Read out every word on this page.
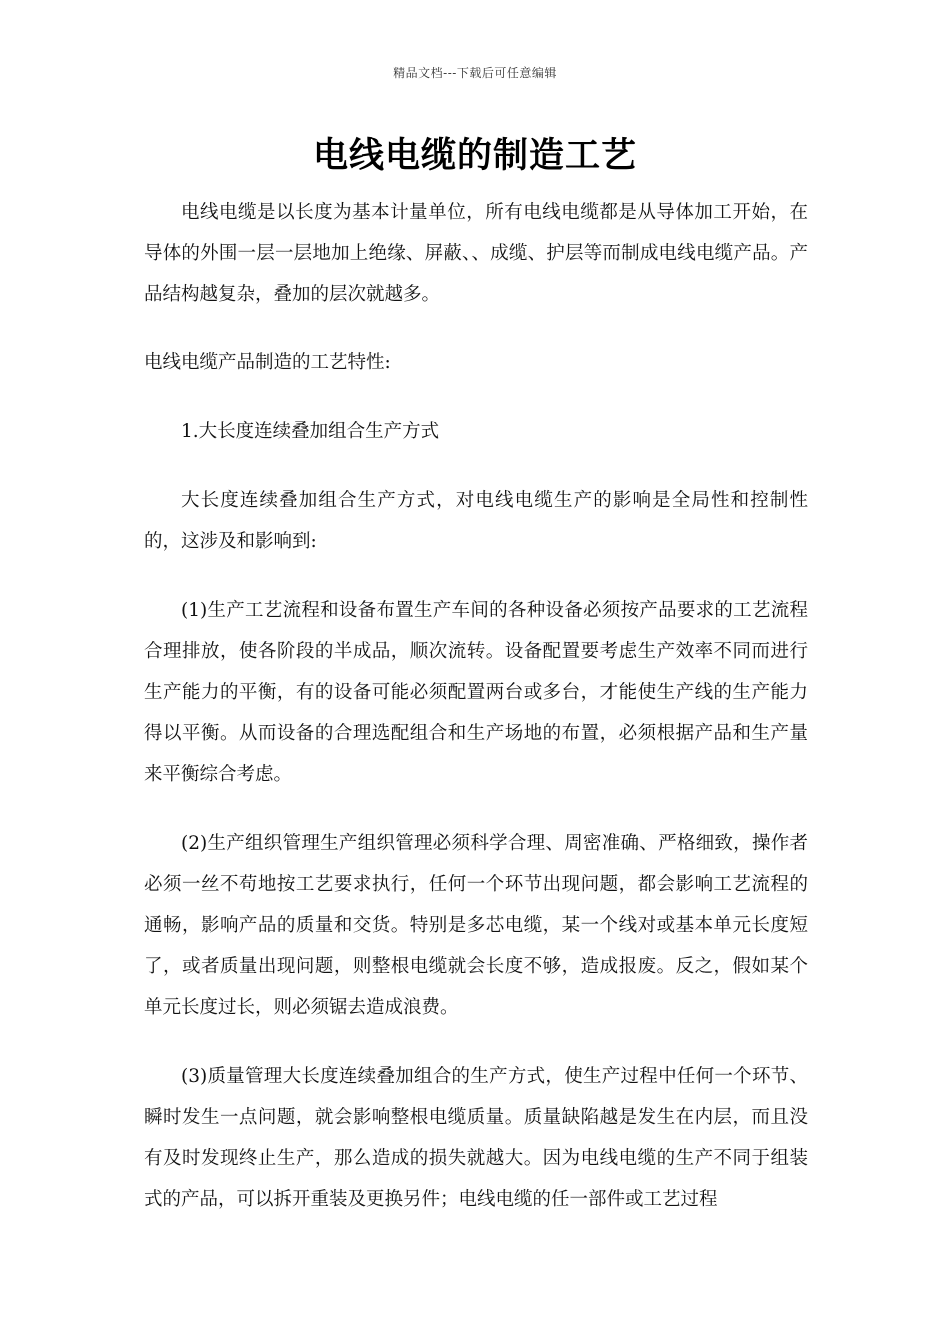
精品文档---下载后可任意编辑
电线电缆的制造工艺

电线电缆是以长度为基本计量单位，所有电线电缆都是从导体加工开始，在导体的外围一层一层地加上绝缘、屏蔽、、成缆、护层等而制成电线电缆产品。产品结构越复杂，叠加的层次就越多。

电线电缆产品制造的工艺特性:

1.大长度连续叠加组合生产方式

大长度连续叠加组合生产方式，对电线电缆生产的影响是全局性和控制性的，这涉及和影响到:

(1)生产工艺流程和设备布置生产车间的各种设备必须按产品要求的工艺流程合理排放，使各阶段的半成品，顺次流转。设备配置要考虑生产效率不同而进行生产能力的平衡，有的设备可能必须配置两台或多台，才能使生产线的生产能力得以平衡。从而设备的合理选配组合和生产场地的布置，必须根据产品和生产量来平衡综合考虑。

(2)生产组织管理生产组织管理必须科学合理、周密准确、严格细致，操作者必须一丝不苟地按工艺要求执行，任何一个环节出现问题，都会影响工艺流程的通畅，影响产品的质量和交货。特别是多芯电缆，某一个线对或基本单元长度短了，或者质量出现问题，则整根电缆就会长度不够，造成报废。反之，假如某个单元长度过长，则必须锯去造成浪费。

(3)质量管理大长度连续叠加组合的生产方式，使生产过程中任何一个环节、瞬时发生一点问题，就会影响整根电缆质量。质量缺陷越是发生在内层，而且没有及时发现终止生产，那么造成的损失就越大。因为电线电缆的生产不同于组装式的产品，可以拆开重装及更换另件；电线电缆的任一部件或工艺过程
